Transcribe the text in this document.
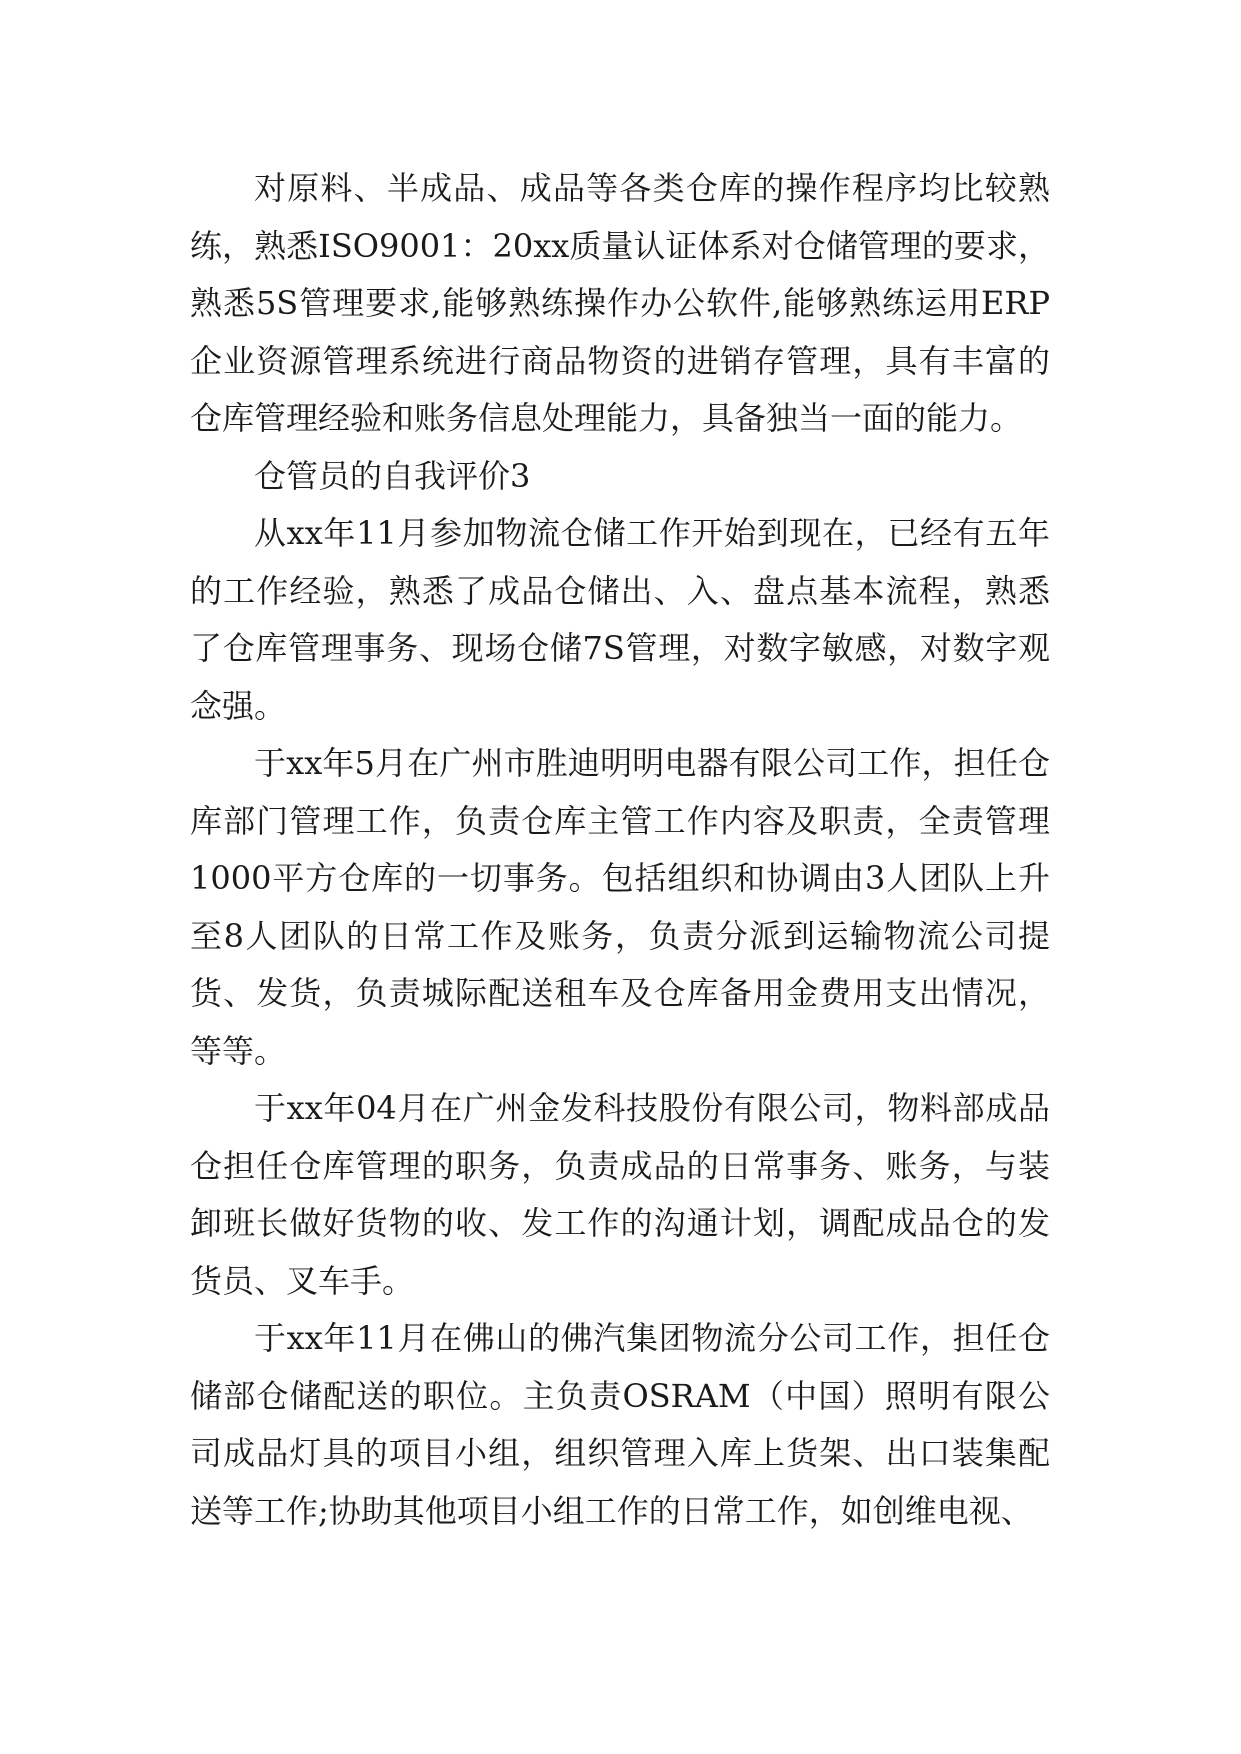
对原料、半成品、成品等各类仓库的操作程序均比较熟练，熟悉ISO9001：20xx质量认证体系对仓储管理的要求，熟悉5S管理要求,能够熟练操作办公软件,能够熟练运用ERP企业资源管理系统进行商品物资的进销存管理，具有丰富的仓库管理经验和账务信息处理能力，具备独当一面的能力。

仓管员的自我评价3

从xx年11月参加物流仓储工作开始到现在，已经有五年的工作经验，熟悉了成品仓储出、入、盘点基本流程，熟悉了仓库管理事务、现场仓储7S管理，对数字敏感，对数字观念强。

于xx年5月在广州市胜迪明明电器有限公司工作，担任仓库部门管理工作，负责仓库主管工作内容及职责，全责管理1000平方仓库的一切事务。包括组织和协调由3人团队上升至8人团队的日常工作及账务，负责分派到运输物流公司提货、发货，负责城际配送租车及仓库备用金费用支出情况，等等。

于xx年04月在广州金发科技股份有限公司，物料部成品仓担任仓库管理的职务，负责成品的日常事务、账务，与装卸班长做好货物的收、发工作的沟通计划，调配成品仓的发货员、叉车手。

于xx年11月在佛山的佛汽集团物流分公司工作，担任仓储部仓储配送的职位。主负责OSRAM（中国）照明有限公司成品灯具的项目小组，组织管理入库上货架、出口装集配送等工作;协助其他项目小组工作的日常工作，如创维电视、
